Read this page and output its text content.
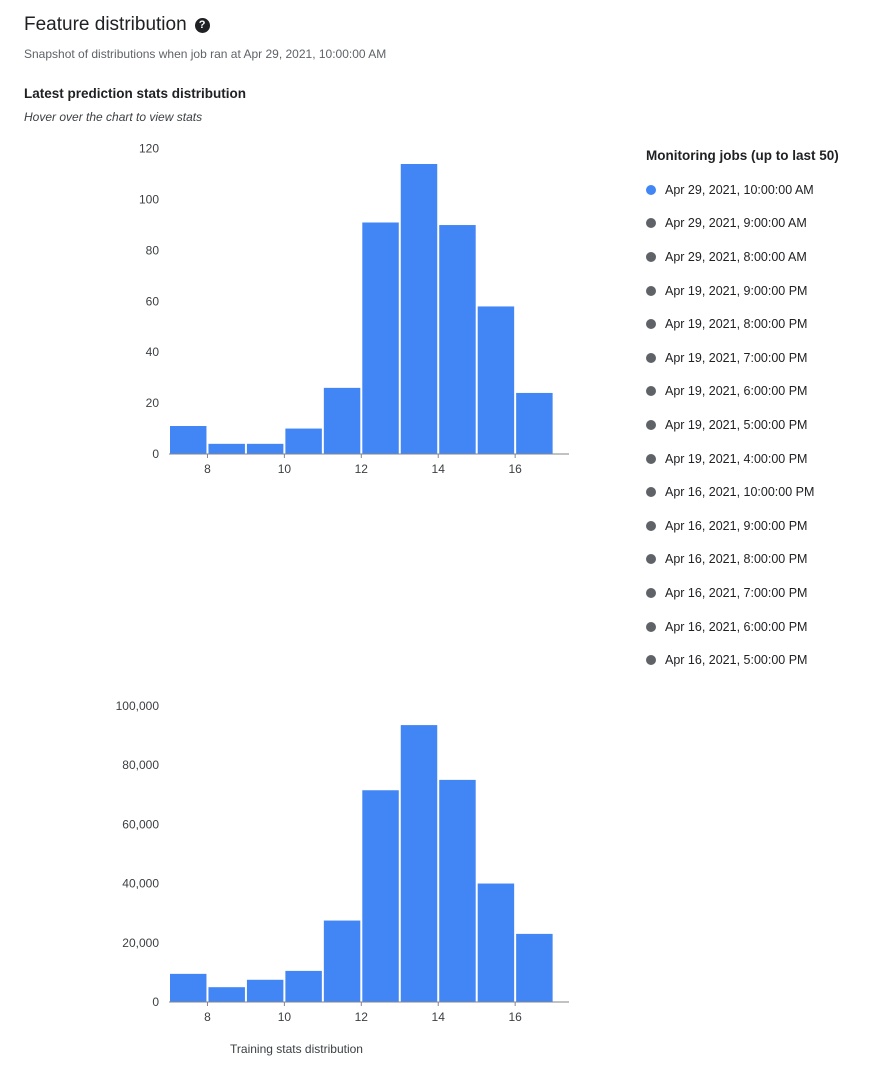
Feature distribution	?
Snapshot of distributions when job ran at Apr 29, 2021, 10:00:00 AM
Latest prediction stats distribution
Hover over the chart to view stats
0
20
40
60
80
100
120
8	10	12	14	16
0
20,000
40,000
60,000
80,000
100,000
8	10	12	14	16
Training stats distribution
Monitoring jobs (up to last 50)
Apr 29, 2021, 10:00:00 AM
Apr 29, 2021, 9:00:00 AM
Apr 29, 2021, 8:00:00 AM
Apr 19, 2021, 9:00:00 PM
Apr 19, 2021, 8:00:00 PM
Apr 19, 2021, 7:00:00 PM
Apr 19, 2021, 6:00:00 PM
Apr 19, 2021, 5:00:00 PM
Apr 19, 2021, 4:00:00 PM
Apr 16, 2021, 10:00:00 PM
Apr 16, 2021, 9:00:00 PM
Apr 16, 2021, 8:00:00 PM
Apr 16, 2021, 7:00:00 PM
Apr 16, 2021, 6:00:00 PM
Apr 16, 2021, 5:00:00 PM
